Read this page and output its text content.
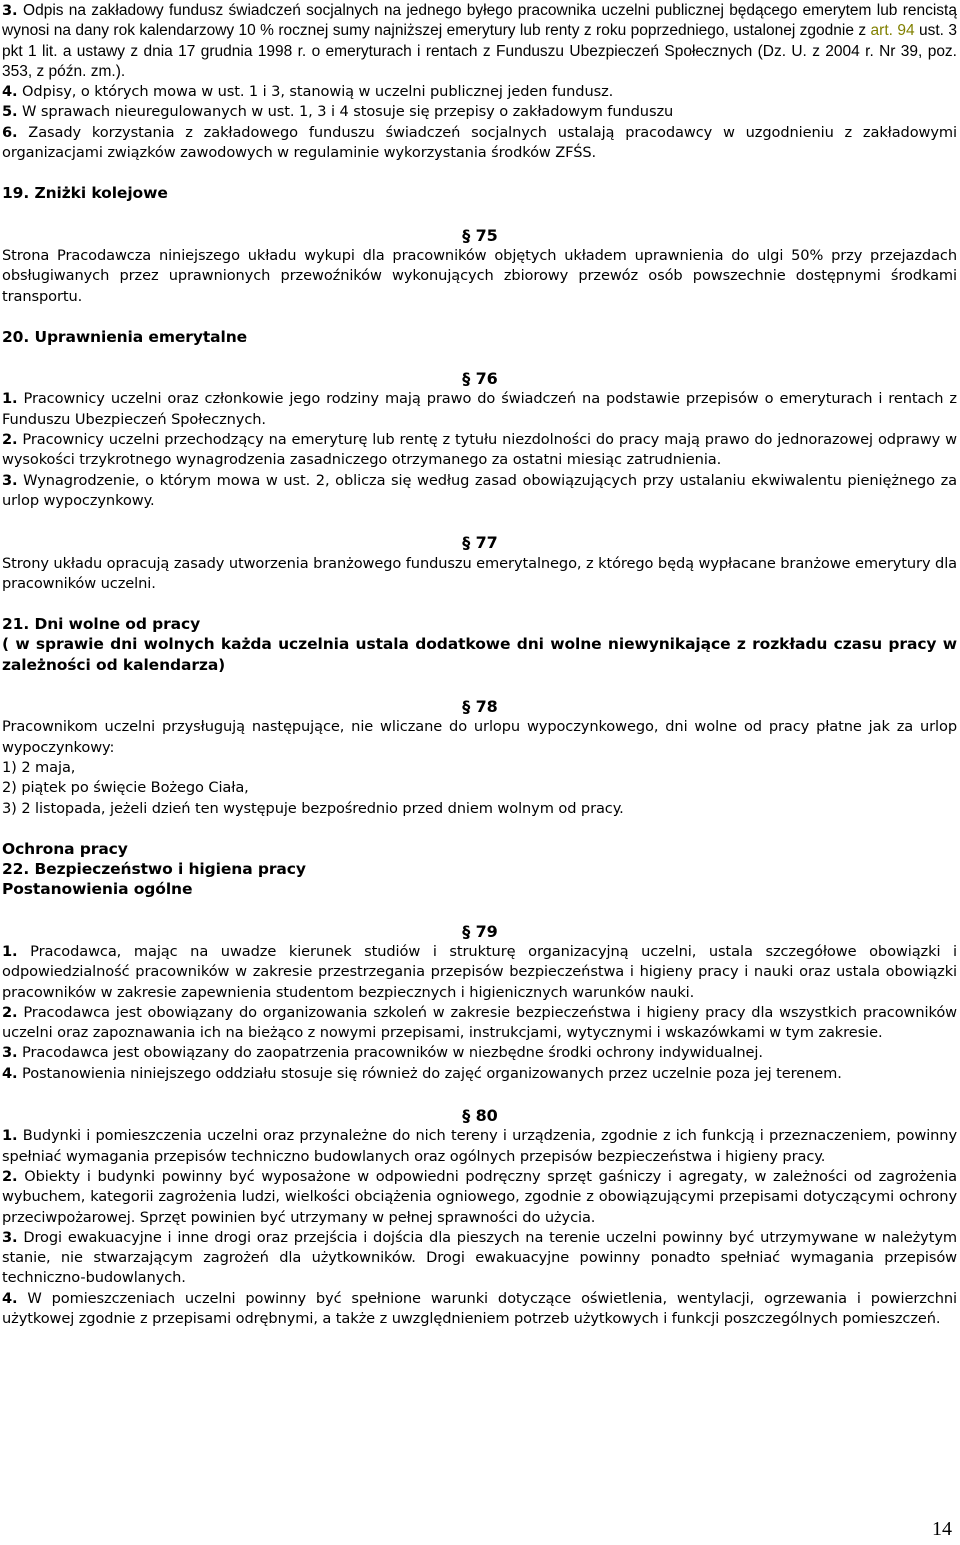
3. Odpis na zakładowy fundusz świadczeń socjalnych na jednego byłego pracownika uczelni publicznej będącego emerytem lub rencistą wynosi na dany rok kalendarzowy 10 % rocznej sumy najniższej emerytury lub renty z roku poprzedniego, ustalonej zgodnie z art. 94 ust. 3 pkt 1 lit. a ustawy z dnia 17 grudnia 1998 r. o emeryturach i rentach z Funduszu Ubezpieczeń Społecznych (Dz. U. z 2004 r. Nr 39, poz. 353, z późn. zm.).

4. Odpisy, o których mowa w ust. 1 i 3, stanowią w uczelni publicznej jeden fundusz.

5. W sprawach nieuregulowanych w ust. 1, 3 i 4 stosuje się przepisy o zakładowym funduszu

6. Zasady korzystania z zakładowego funduszu świadczeń socjalnych ustalają pracodawcy w uzgodnieniu z zakładowymi organizacjami związków zawodowych w regulaminie wykorzystania środków ZFŚS.

19. Zniżki kolejowe

§ 75

Strona Pracodawcza niniejszego układu wykupi dla pracowników objętych układem uprawnienia do ulgi 50% przy przejazdach obsługiwanych przez uprawnionych przewoźników wykonujących zbiorowy przewóz osób powszechnie dostępnymi środkami transportu.

20. Uprawnienia emerytalne

§ 76

1. Pracownicy uczelni oraz członkowie jego rodziny mają prawo do świadczeń na podstawie przepisów o emeryturach i rentach z Funduszu Ubezpieczeń Społecznych.

2. Pracownicy uczelni przechodzący na emeryturę lub rentę z tytułu niezdolności do pracy mają prawo do jednorazowej odprawy w wysokości trzykrotnego wynagrodzenia zasadniczego otrzymanego za ostatni miesiąc zatrudnienia.

3. Wynagrodzenie, o którym mowa w ust. 2, oblicza się według zasad obowiązujących przy ustalaniu ekwiwalentu pieniężnego za urlop wypoczynkowy.

§ 77

Strony układu opracują zasady utworzenia branżowego funduszu emerytalnego, z którego będą wypłacane branżowe emerytury dla pracowników uczelni.

21. Dni wolne od pracy

( w sprawie dni wolnych każda uczelnia ustala dodatkowe dni wolne niewynikające z rozkładu czasu pracy w zależności od kalendarza)

§ 78

Pracownikom uczelni przysługują następujące, nie wliczane do urlopu wypoczynkowego, dni wolne od pracy płatne jak za urlop wypoczynkowy:

1) 2 maja,

2) piątek po święcie Bożego Ciała,

3) 2 listopada, jeżeli dzień ten występuje bezpośrednio przed dniem wolnym od pracy.

Ochrona pracy

22. Bezpieczeństwo i higiena pracy

Postanowienia ogólne

§ 79

1. Pracodawca, mając na uwadze kierunek studiów i strukturę organizacyjną uczelni, ustala szczegółowe obowiązki i odpowiedzialność pracowników w zakresie przestrzegania przepisów bezpieczeństwa i higieny pracy i nauki oraz ustala obowiązki pracowników w zakresie zapewnienia studentom bezpiecznych i higienicznych warunków nauki.

2. Pracodawca jest obowiązany do organizowania szkoleń w zakresie bezpieczeństwa i higieny pracy dla wszystkich pracowników uczelni oraz zapoznawania ich na bieżąco z nowymi przepisami, instrukcjami, wytycznymi i wskazówkami w tym zakresie.

3. Pracodawca jest obowiązany do zaopatrzenia pracowników w niezbędne środki ochrony indywidualnej.

4. Postanowienia niniejszego oddziału stosuje się również do zajęć organizowanych przez uczelnie poza jej terenem.

§ 80

1. Budynki i pomieszczenia uczelni oraz przynależne do nich tereny i urządzenia, zgodnie z ich funkcją i przeznaczeniem, powinny spełniać wymagania przepisów techniczno budowlanych oraz ogólnych przepisów bezpieczeństwa i higieny pracy.

2. Obiekty i budynki powinny być wyposażone w odpowiedni podręczny sprzęt gaśniczy i agregaty, w zależności od zagrożenia wybuchem, kategorii zagrożenia ludzi, wielkości obciążenia ogniowego, zgodnie z obowiązującymi przepisami dotyczącymi ochrony przeciwpożarowej. Sprzęt powinien być utrzymany w pełnej sprawności do użycia.

3. Drogi ewakuacyjne i inne drogi oraz przejścia i dojścia dla pieszych na terenie uczelni powinny być utrzymywane w należytym stanie, nie stwarzającym zagrożeń dla użytkowników. Drogi ewakuacyjne powinny ponadto spełniać wymagania przepisów techniczno-budowlanych.

4. W pomieszczeniach uczelni powinny być spełnione warunki dotyczące oświetlenia, wentylacji, ogrzewania i powierzchni użytkowej zgodnie z przepisami odrębnymi, a także z uwzględnieniem potrzeb użytkowych i funkcji poszczególnych pomieszczeń.

14
